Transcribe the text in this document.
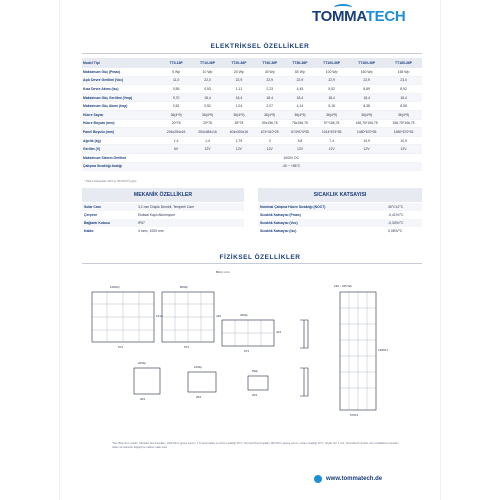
TOMMATECH
ELEKTRİKSEL ÖZELLİKLER
Model Tipi	TT5-18P	TT10-36P	TT20-36P	TT40-36P	TT80-36P	TT100-36P	TT160-36P	TT165-36P
Maksimum Güç (Pmax)	5 Wp	10 Wp	20 Wp	40 Wp	80 Wp	100 Wp	160 Wp	165 Wp
Açık Devre Gerilimi (Voc)	11,0	22,0	22,9	22,9	22,9	22,9	22,9	23,0
Kısa Devre Akımı (Isc)	0,55	0,53	1,11	2,23	4,45	5,52	8,89	8,92
Maksimum Güç Gerilimi (Vmp)	9,70	18,4	18,4	18,4	18,4	18,4	18,4	18,4
Maksimum Güç Akımı (Imp)	0,52	0,52	1,04	2,07	4,14	5,18	8,38	8,58
Hücre Sayısı	36(4*9)	36(4*9)	36(4*9)	36(4*9)	36(4*9)	36(4*9)	36(4*9)	36(4*9)
Hücre Boyutu (mm)	20*78	20*78	39*78	39x156,75	78x156,75	97*156,75	156,75*156,75	156,75*156,75
Panel Boyutu (mm)	204x254x16	254x384x16	404x300x16	674*410*25	674*674*35	1014*674*35	1480*670*35	1480*670*35
Ağırlık (kg)	1,4	1,4	1,75	3	5,8	7,4	10,9	10,9
Gerilim (V)	6V	12V	12V	12V	12V	12V	12V	12V
Maksimum Sistem Gerilimi	1000V DC							
Çalışma Sıcaklığı Aralığı	-40 ~ +85°C							
* Ölçüm toleransları ±%3 ve %5 NOCT'a göre
MEKANİK ÖZELLİKLER
Solar Cam	3,2 mm Düşük Demirli, Temperli Cam
Çerçeve	Eloksal Kaplı Alüminyum
Bağlantı Kutusu	IP67
Kablo	4 mm², 1000 mm
SICAKLIK KATSAYISI
Nominal Çalışma Hücre Sıcaklığı (NOCT)	45°C±2°C
Sıcaklık Katsayısı (Pmax)	-0,41%/°C
Sıcaklık Katsayısı (Voc)	-0,33%/°C
Sıcaklık Katsayısı (Isc)	0,06%/°C
FİZİKSEL ÖZELLİKLER
Birim: mm
100Wp	80Wp
40Wp
160 - 165 Wp
20Wp
10Wp
5Wp
674	674
674
1014
424
410
1480±1
670±1
304	254	204
*Not: Bilgi ürün verileri, Standart Test Koşulları: 1000 W/m² güneş ışınımı, 1,5 hava kütlesi ve hücre sıcaklığı 25°C. Nominal Test Koşulları: 800 W/m² güneş ışınımı, ortam sıcaklığı 20°C, rüzgâr hızı 1 m/s. TommaTech GmbH, ürün özelliklerini önceden haber vermeksizin değiştirme hakkını saklı tutar.
www.tommatech.de
